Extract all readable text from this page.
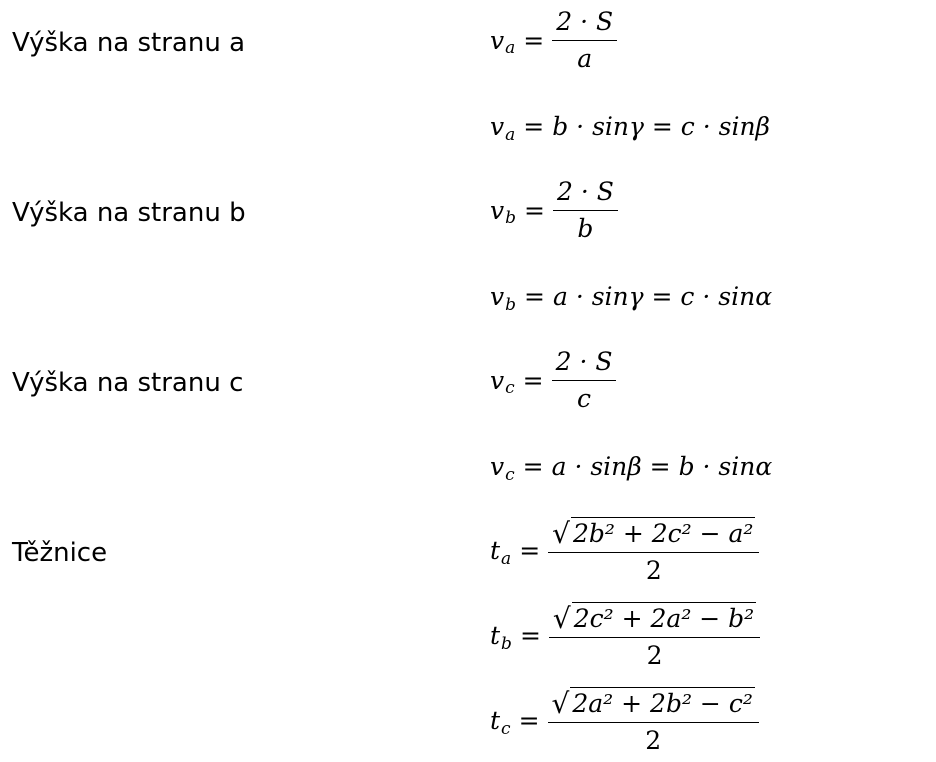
Výška na stranu a
Výška na stranu b
Výška na stranu c
Těžnice
v $a = \frac{2 \cdot S}{a}$
v a = b · sinγ = c · sinβ
v $b = \frac{2 \cdot S}{b}$
v b = a · sinγ = c · sinα
v $c = \frac{2 \cdot S}{c}$
v c = a · sinβ = b · sinα
t $a = \frac{\text{√ 2b² + 2c² − a²}}{2}$
t $b = \frac{\text{√ 2c² + 2a² − b²}}{2}$
t $c = \frac{\text{√ 2a² + 2b² − c²}}{2}$
